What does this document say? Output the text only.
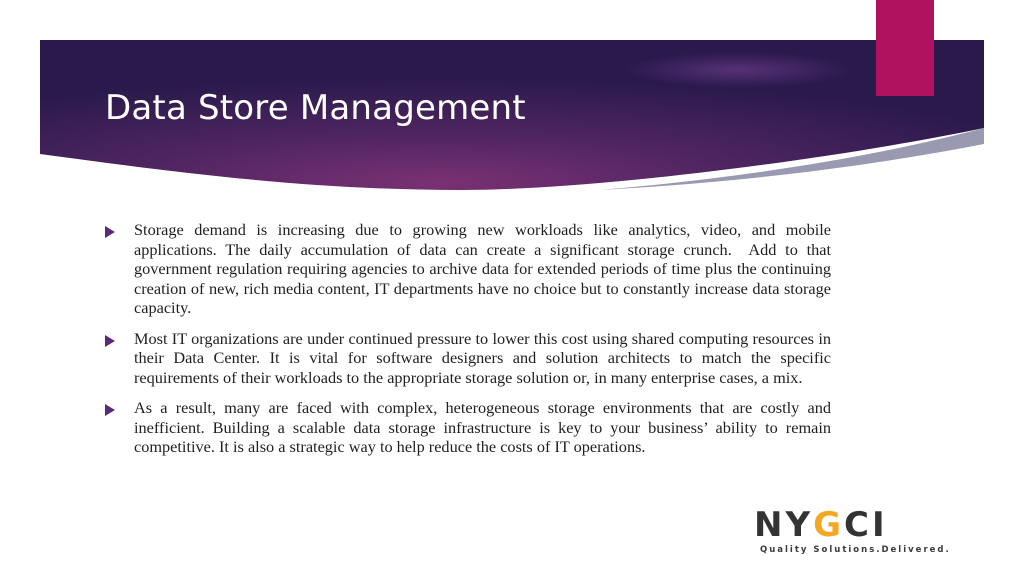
Data Store Management
Storage demand is increasing due to growing new workloads like analytics, video, and mobile applications. The daily accumulation of data can create a significant storage crunch.  Add to that government regulation requiring agencies to archive data for extended periods of time plus the continuing creation of new, rich media content, IT departments have no choice but to constantly increase data storage capacity.
Most IT organizations are under continued pressure to lower this cost using shared computing resources in their Data Center. It is vital for software designers and solution architects to match the specific requirements of their workloads to the appropriate storage solution or, in many enterprise cases, a mix.
As a result, many are faced with complex, heterogeneous storage environments that are costly and inefficient. Building a scalable data storage infrastructure is key to your business’ ability to remain competitive. It is also a strategic way to help reduce the costs of IT operations.

NYGCI

Quality Solutions.Delivered.
